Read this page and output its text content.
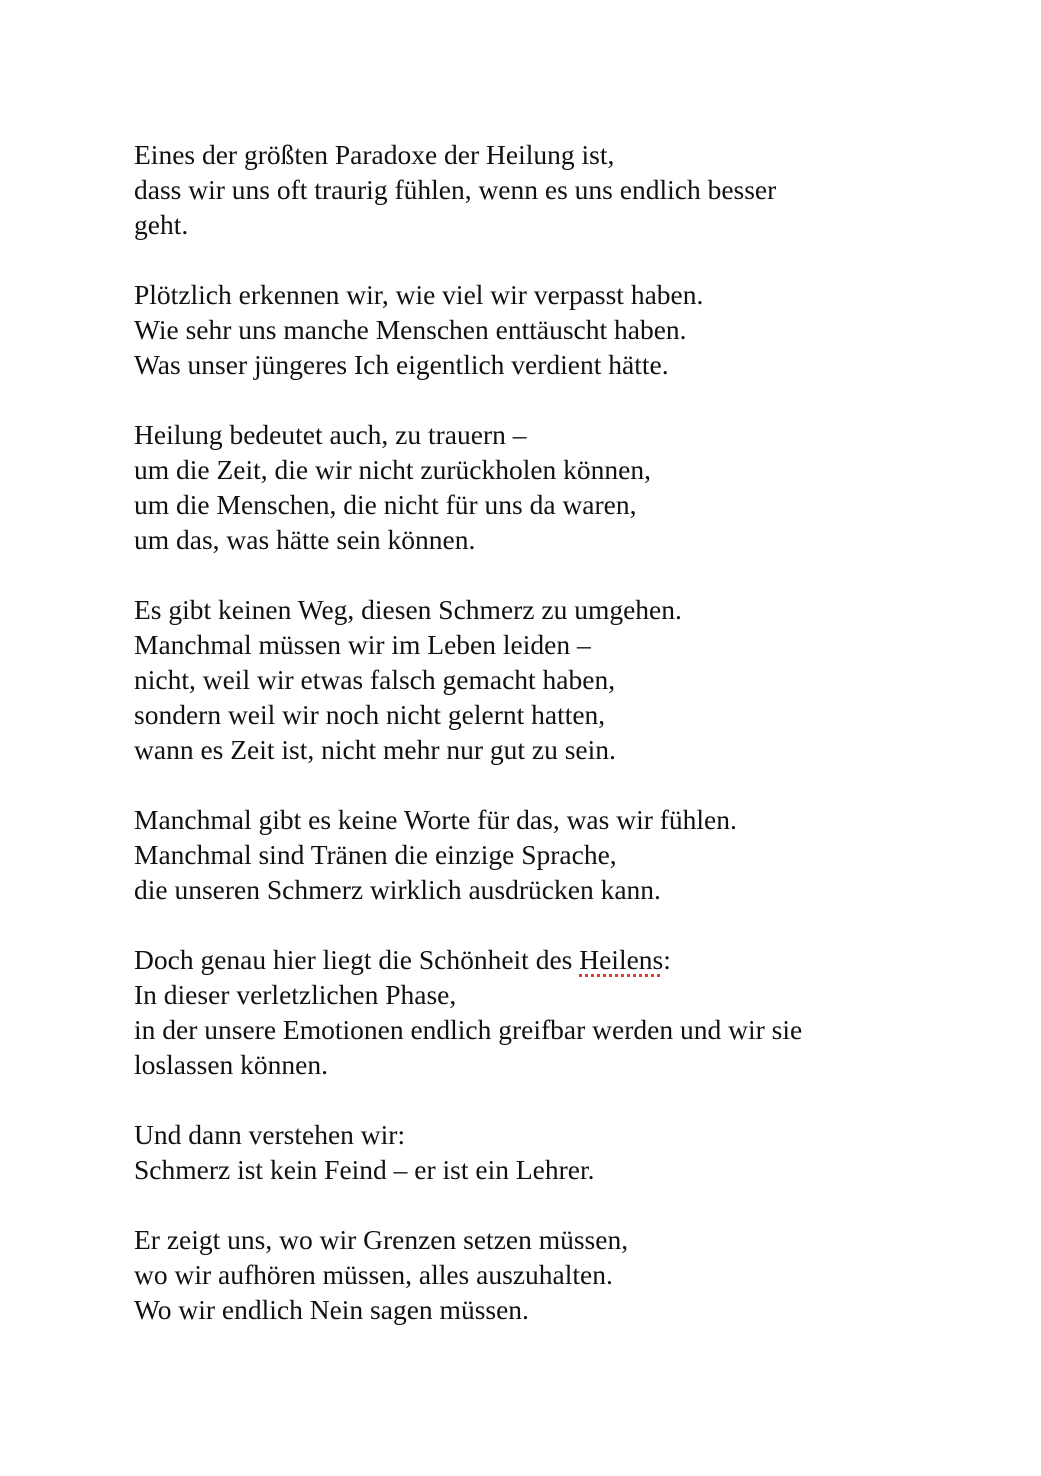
Eines der größten Paradoxe der Heilung ist,
dass wir uns oft traurig fühlen, wenn es uns endlich besser
geht.
Plötzlich erkennen wir, wie viel wir verpasst haben.
Wie sehr uns manche Menschen enttäuscht haben.
Was unser jüngeres Ich eigentlich verdient hätte.
Heilung bedeutet auch, zu trauern –
um die Zeit, die wir nicht zurückholen können,
um die Menschen, die nicht für uns da waren,
um das, was hätte sein können.
Es gibt keinen Weg, diesen Schmerz zu umgehen.
Manchmal müssen wir im Leben leiden –
nicht, weil wir etwas falsch gemacht haben,
sondern weil wir noch nicht gelernt hatten,
wann es Zeit ist, nicht mehr nur gut zu sein.
Manchmal gibt es keine Worte für das, was wir fühlen.
Manchmal sind Tränen die einzige Sprache,
die unseren Schmerz wirklich ausdrücken kann.
Doch genau hier liegt die Schönheit des Heilens:
In dieser verletzlichen Phase,
in der unsere Emotionen endlich greifbar werden und wir sie
loslassen können.
Und dann verstehen wir:
Schmerz ist kein Feind – er ist ein Lehrer.
Er zeigt uns, wo wir Grenzen setzen müssen,
wo wir aufhören müssen, alles auszuhalten.
Wo wir endlich Nein sagen müssen.
